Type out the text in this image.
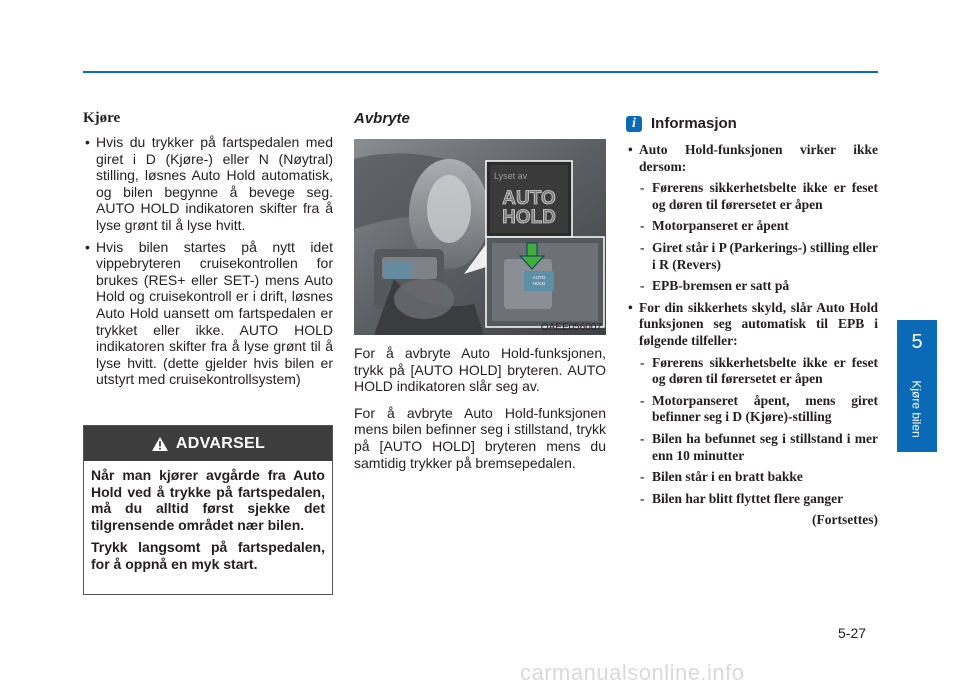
Kjøre
• Hvis du trykker på fartspedalen med giret i D (Kjøre-) eller N (Nøytral) stilling, løsnes Auto Hold automatisk, og bilen begynne å bevege seg. AUTO HOLD indikatoren skifter fra å lyse grønt til å lyse hvitt.
• Hvis bilen startes på nytt idet vippebryteren cruisekontrollen for brukes (RES+ eller SET-) mens Auto Hold og cruisekontroll er i drift, løsnes Auto Hold uansett om fartspedalen er trykket eller ikke. AUTO HOLD indikatoren skifter fra å lyse grønt til å lyse hvitt. (dette gjelder hvis bilen er utstyrt med cruisekontrollsystem)
ADVARSEL

Når man kjører avgårde fra Auto Hold ved å trykke på fartspedalen, må du alltid først sjekke det tilgrensende området nær bilen.

Trykk langsomt på fartspedalen, for å oppnå en myk start.

Avbryte
Lyset av
AUTO
HOLD
AUTO
HOLD
OAEE056007
For å avbryte Auto Hold-funksjonen, trykk på [AUTO HOLD] bryteren. AUTO HOLD indikatoren slår seg av.
For å avbryte Auto Hold-funksjonen mens bilen befinner seg i stillstand, trykk på [AUTO HOLD] bryteren mens du samtidig trykker på bremsepedalen.
i	Informasjon
• Auto Hold-funksjonen virker ikke dersom:
- Førerens sikkerhetsbelte ikke er feset og døren til førersetet er åpen
- Motorpanseret er åpent
- Giret står i P (Parkerings-) stilling eller i R (Revers)
- EPB-bremsen er satt på
• For din sikkerhets skyld, slår Auto Hold funksjonen seg automatisk til EPB i følgende tilfeller:
- Førerens sikkerhetsbelte ikke er feset og døren til førersetet er åpen
- Motorpanseret åpent, mens giret befinner seg i D (Kjøre)-stilling
- Bilen ha befunnet seg i stillstand i mer enn 10 minutter
- Bilen står i en bratt bakke
- Bilen har blitt flyttet flere ganger
(Fortsettes)
5
Kjøre bilen
5-27
carmanualsonline.info
